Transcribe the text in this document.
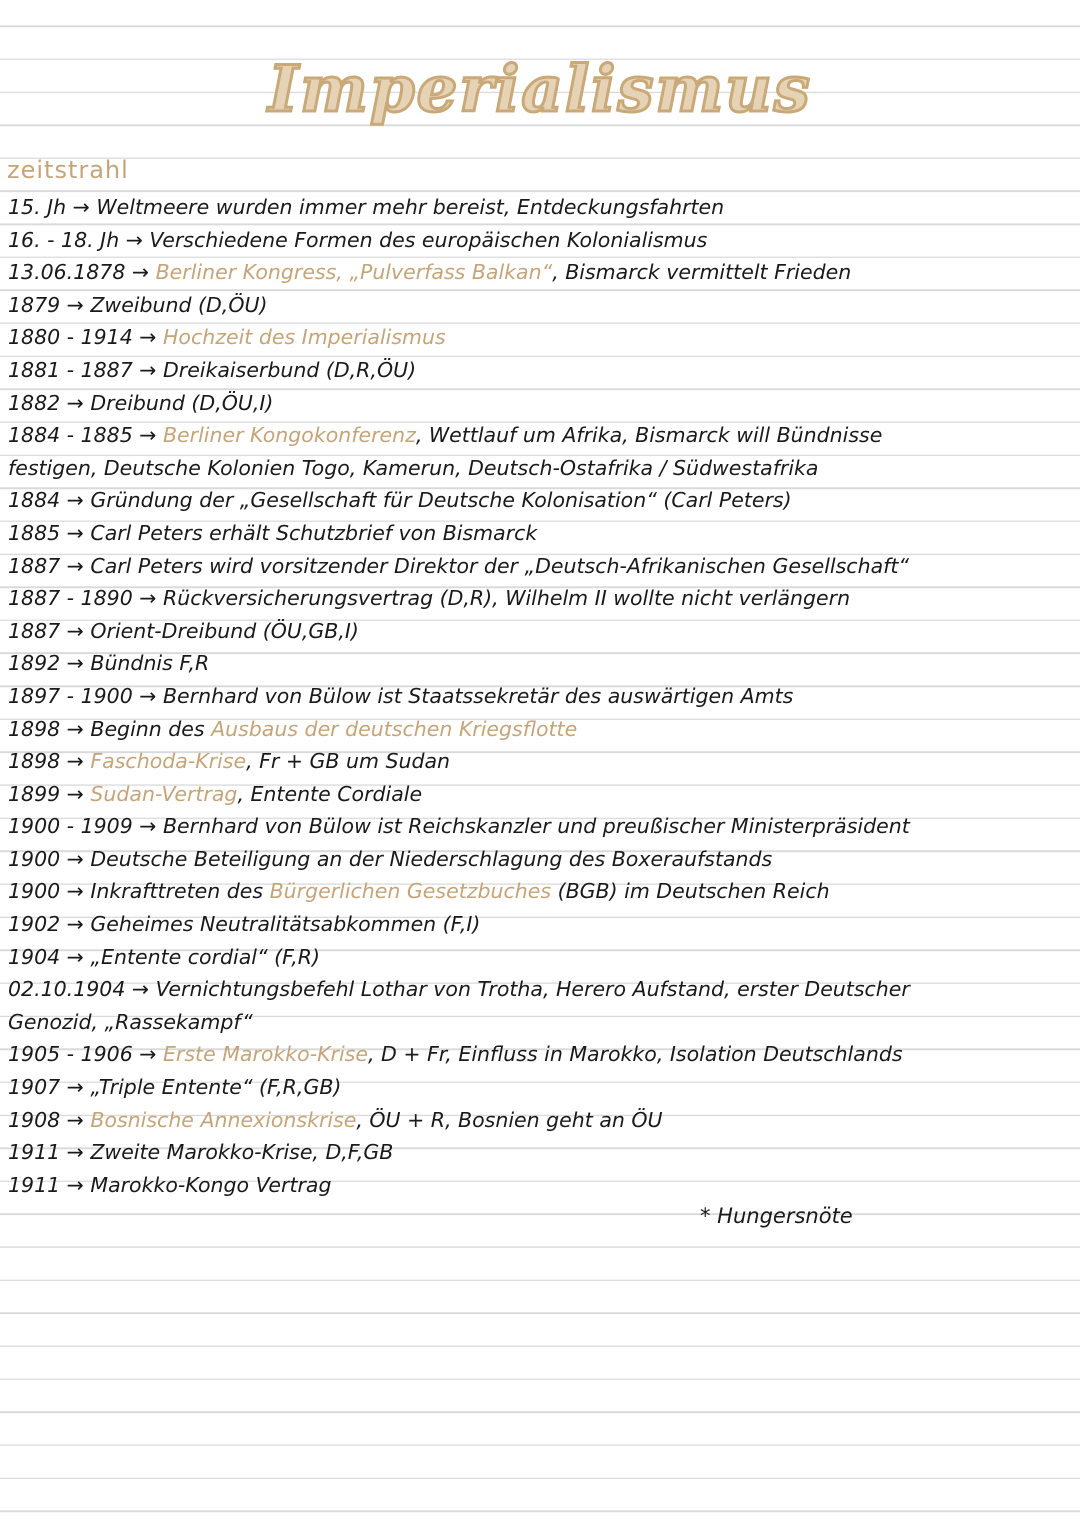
Imperialismus
zeitstrahl
15. Jh → Weltmeere wurden immer mehr bereist, Entdeckungsfahrten
16. - 18. Jh → Verschiedene Formen des europäischen Kolonialismus
13.06.1878 → Berliner Kongress, „Pulverfass Balkan“, Bismarck vermittelt Frieden
1879 → Zweibund (D,ÖU)
1880 - 1914 → Hochzeit des Imperialismus
1881 - 1887 → Dreikaiserbund (D,R,ÖU)
1882 → Dreibund (D,ÖU,I)
1884 - 1885 → Berliner Kongokonferenz, Wettlauf um Afrika, Bismarck will Bündnisse
festigen, Deutsche Kolonien Togo, Kamerun, Deutsch-Ostafrika / Südwestafrika
1884 → Gründung der „Gesellschaft für Deutsche Kolonisation“ (Carl Peters)
1885 → Carl Peters erhält Schutzbrief von Bismarck
1887 → Carl Peters wird vorsitzender Direktor der „Deutsch-Afrikanischen Gesellschaft“
1887 - 1890 → Rückversicherungsvertrag (D,R), Wilhelm II wollte nicht verlängern
1887 → Orient-Dreibund (ÖU,GB,I)
1892 → Bündnis F,R
1897 - 1900 → Bernhard von Bülow ist Staatssekretär des auswärtigen Amts
1898 → Beginn des Ausbaus der deutschen Kriegsflotte
1898 → Faschoda-Krise, Fr + GB um Sudan
1899 → Sudan-Vertrag, Entente Cordiale
1900 - 1909 → Bernhard von Bülow ist Reichskanzler und preußischer Ministerpräsident
1900 → Deutsche Beteiligung an der Niederschlagung des Boxeraufstands
1900 → Inkrafttreten des Bürgerlichen Gesetzbuches (BGB) im Deutschen Reich
1902 → Geheimes Neutralitätsabkommen (F,I)
1904 → „Entente cordial“ (F,R)
02.10.1904 → Vernichtungsbefehl Lothar von Trotha, Herero Aufstand, erster Deutscher
Genozid, „Rassekampf“
1905 - 1906 → Erste Marokko-Krise, D + Fr, Einfluss in Marokko, Isolation Deutschlands
1907 → „Triple Entente“ (F,R,GB)
1908 → Bosnische Annexionskrise, ÖU + R, Bosnien geht an ÖU
1911 → Zweite Marokko-Krise, D,F,GB
1911 → Marokko-Kongo Vertrag
* Hungersnöte
